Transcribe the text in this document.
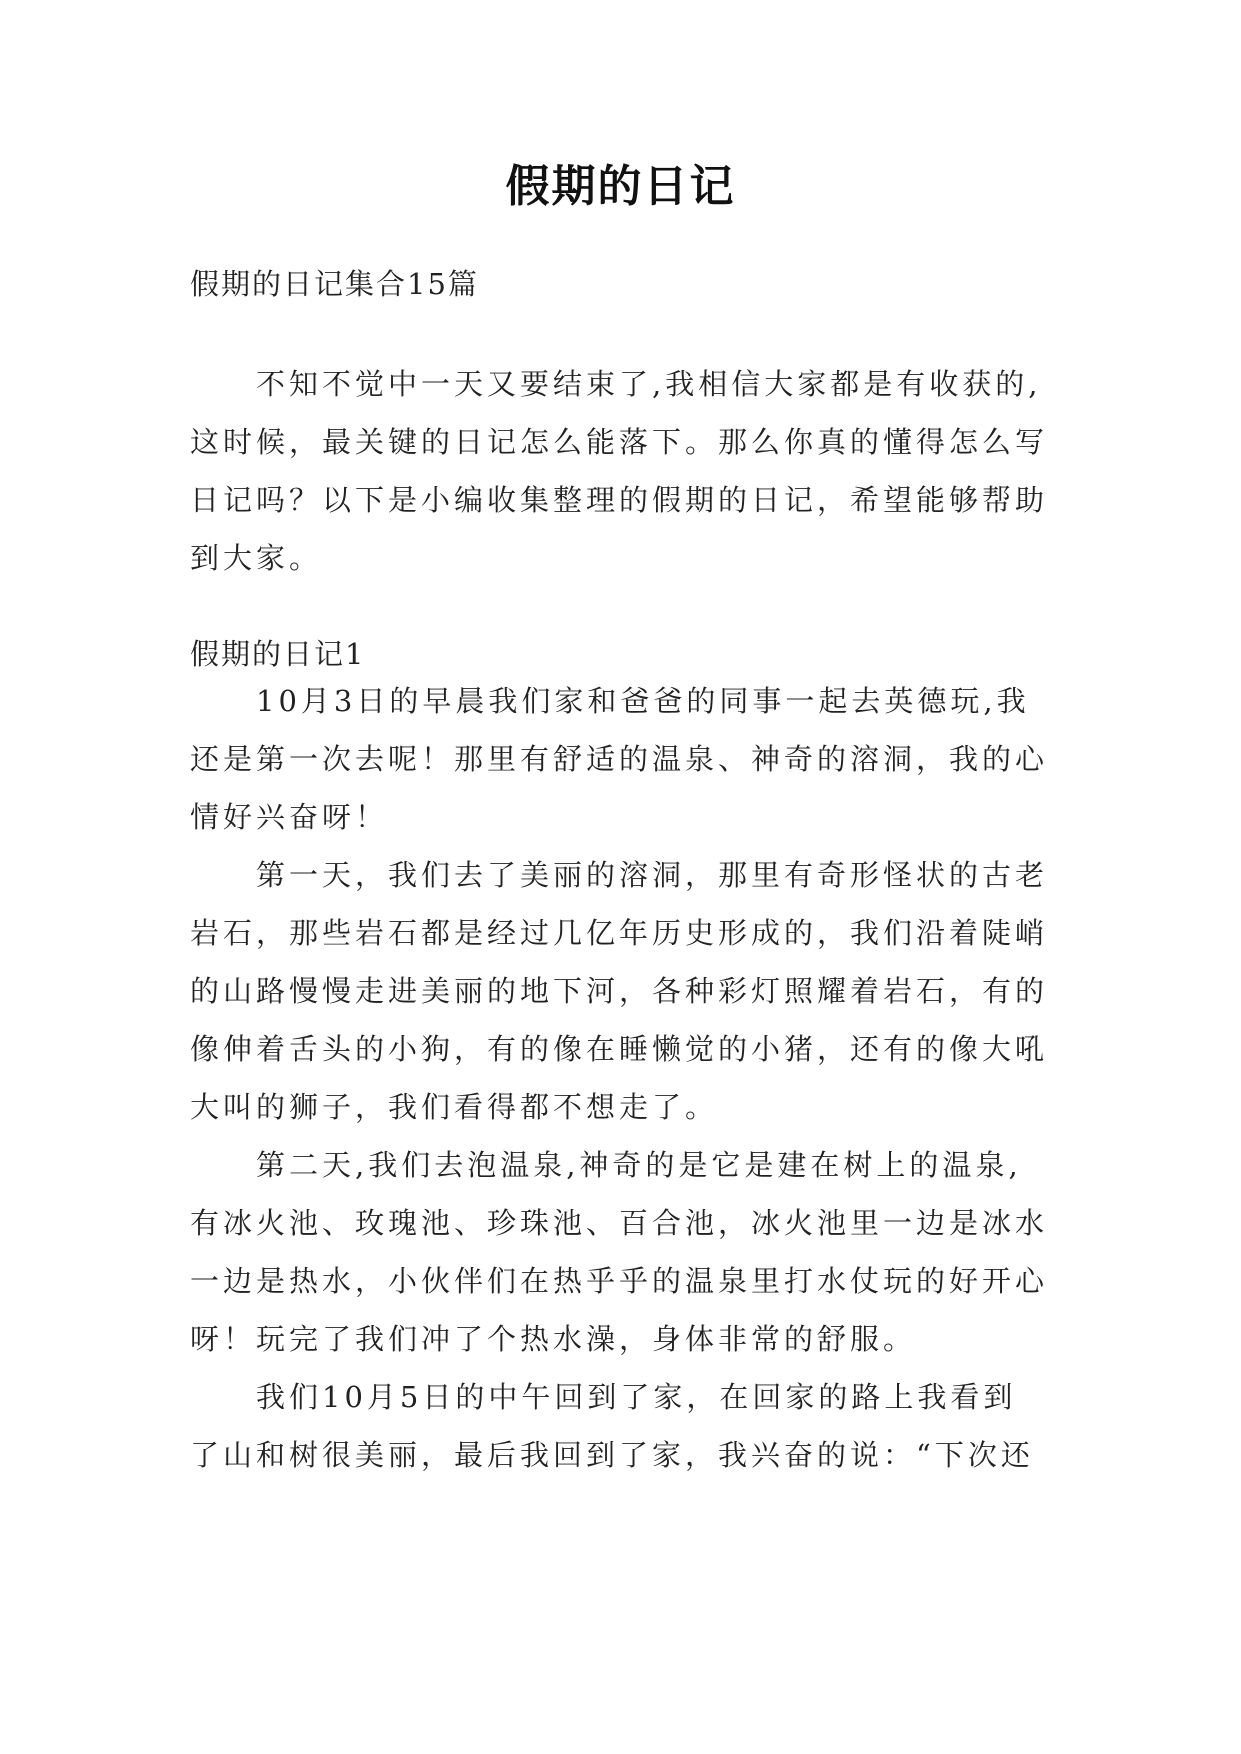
假期的日记
假期的日记集合15篇
不知不觉中一天又要结束了,我相信大家都是有收获的,
这时候，最关键的日记怎么能落下。那么你真的懂得怎么写
日记吗？以下是小编收集整理的假期的日记，希望能够帮助
到大家。
假期的日记1
10月3日的早晨我们家和爸爸的同事一起去英德玩,我
还是第一次去呢！那里有舒适的温泉、神奇的溶洞，我的心
情好兴奋呀！
第一天，我们去了美丽的溶洞，那里有奇形怪状的古老
岩石，那些岩石都是经过几亿年历史形成的，我们沿着陡峭
的山路慢慢走进美丽的地下河，各种彩灯照耀着岩石，有的
像伸着舌头的小狗，有的像在睡懒觉的小猪，还有的像大吼
大叫的狮子，我们看得都不想走了。
第二天,我们去泡温泉,神奇的是它是建在树上的温泉,
有冰火池、玫瑰池、珍珠池、百合池，冰火池里一边是冰水
一边是热水，小伙伴们在热乎乎的温泉里打水仗玩的好开心
呀！玩完了我们冲了个热水澡，身体非常的舒服。
我们10月5日的中午回到了家，在回家的路上我看到
了山和树很美丽，最后我回到了家，我兴奋的说：“下次还
